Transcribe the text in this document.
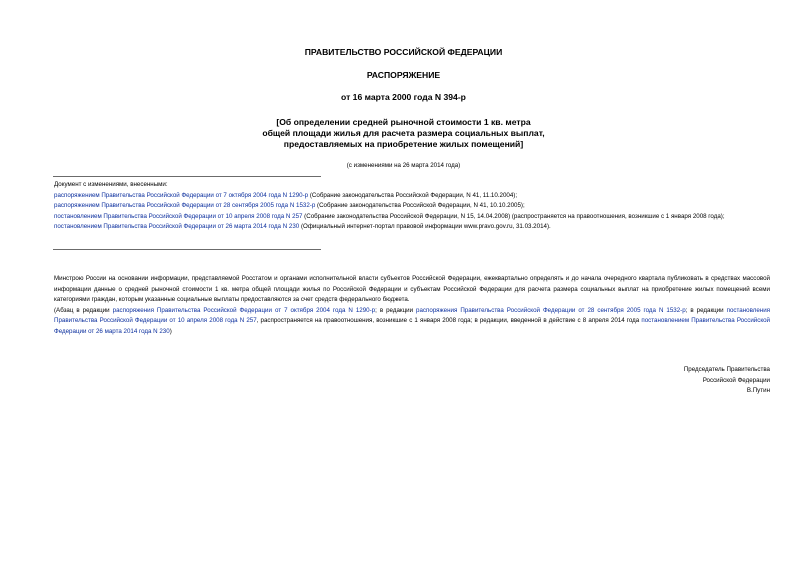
ПРАВИТЕЛЬСТВО РОССИЙСКОЙ ФЕДЕРАЦИИ
РАСПОРЯЖЕНИЕ
от 16 марта 2000 года N 394-р
[Об определении средней рыночной стоимости 1 кв. метра
общей площади жилья для расчета размера социальных выплат,
предоставляемых на приобретение жилых помещений]
(с изменениями на 26 марта 2014 года)
Документ с изменениями, внесенными:
распоряжением Правительства Российской Федерации от 7 октября 2004 года N 1290-р (Собрание законодательства Российской Федерации, N 41, 11.10.2004);
распоряжением Правительства Российской Федерации от 28 сентября 2005 года N 1532-р (Собрание законодательства Российской Федерации, N 41, 10.10.2005);
постановлением Правительства Российской Федерации от 10 апреля 2008 года N 257 (Собрание законодательства Российской Федерации, N 15, 14.04.2008) (распространяется на правоотношения, возникшие с 1 января 2008 года);
постановлением Правительства Российской Федерации от 26 марта 2014 года N 230 (Официальный интернет-портал правовой информации www.pravo.gov.ru, 31.03.2014).
Минстрою России на основании информации, представляемой Росстатом и органами исполнительной власти субъектов Российской Федерации, ежеквартально определять и до начала очередного квартала публиковать в средствах массовой информации данные о средней рыночной стоимости 1 кв. метра общей площади жилья по Российской Федерации и субъектам Российской Федерации для расчета размера социальных выплат на приобретение жилых помещений всеми категориями граждан, которым указанные социальные выплаты предоставляются за счет средств федерального бюджета.
(Абзац в редакции распоряжения Правительства Российской Федерации от 7 октября 2004 года N 1290-р; в редакции распоряжения Правительства Российской Федерации от 28 сентября 2005 года N 1532-р; в редакции постановления Правительства Российской Федерации от 10 апреля 2008 года N 257, распространяется на правоотношения, возникшие с 1 января 2008 года; в редакции, введенной в действие с 8 апреля 2014 года постановлением Правительства Российской Федерации от 26 марта 2014 года N 230)
Председатель Правительства
Российской Федерации
В.Путин
